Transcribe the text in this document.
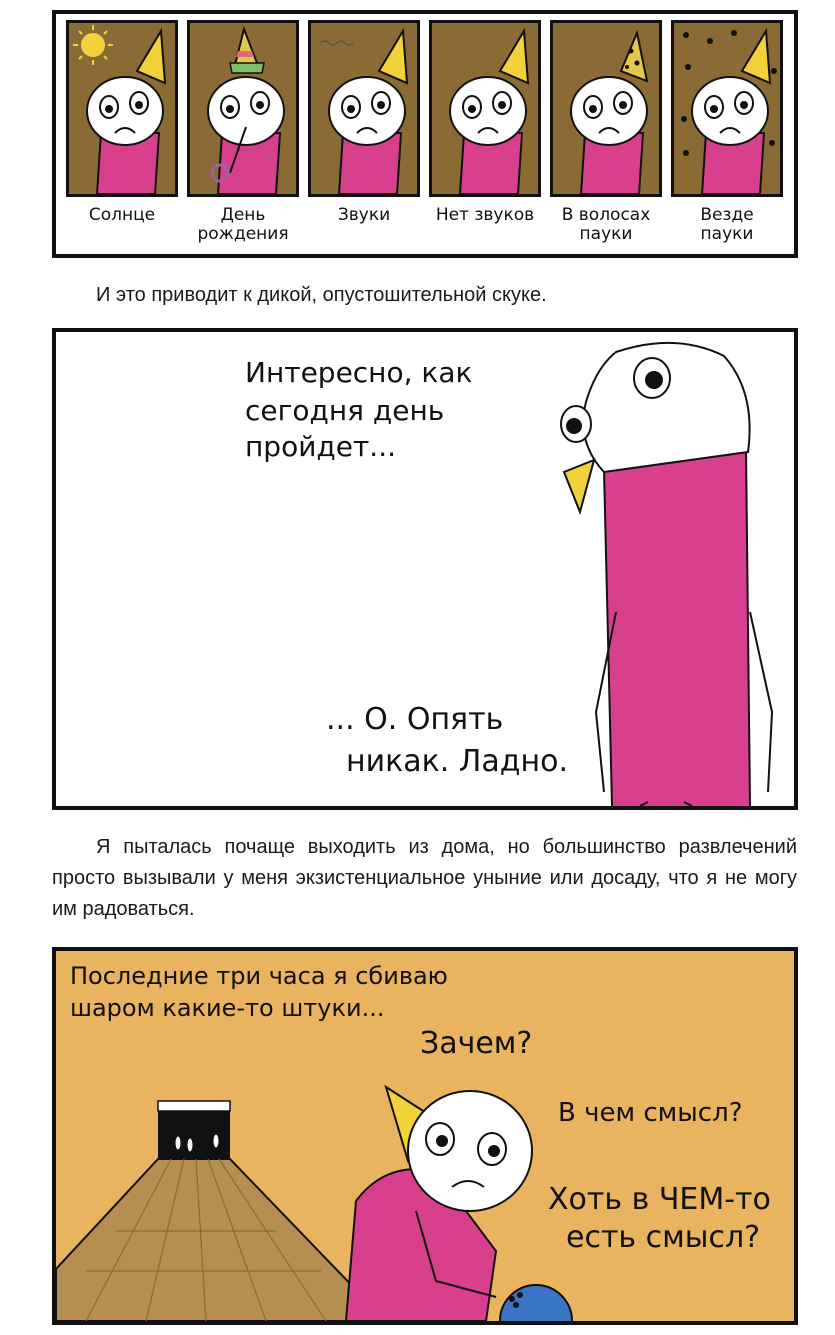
Солнце	День
рождения
Звуки	Нет звуков	В волосах
пауки
Везде
пауки
И это приводит к дикой, опустошительной скуке.
Интересно, как
сегодня день
пройдет...
... О. Опять
никак. Ладно.
Я пыталась почаще выходить из дома, но большинство развлечений просто вызывали у меня экзистенциальное уныние или досаду, что я не могу им радоваться.
Последние три часа я сбиваю
шаром какие-то штуки...
Зачем?
В чем смысл?
Хоть в ЧЕМ-то
есть смысл?
